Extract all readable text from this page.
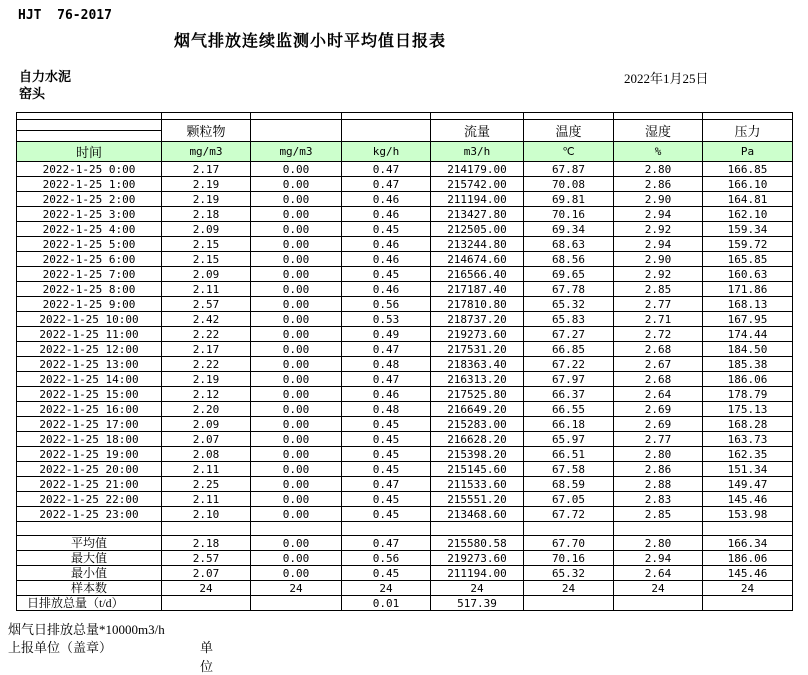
HJT  76-2017
烟气排放连续监测小时平均值日报表
自力水泥
窑头
2022年1月25日

	颗粒物			流量	温度	湿度	压力

时间	mg/m3	mg/m3	kg/h	m3/h	℃	%	Pa
2022-1-25 0:00	2.17	0.00	0.47	214179.00	67.87	2.80	166.85
2022-1-25 1:00	2.19	0.00	0.47	215742.00	70.08	2.86	166.10
2022-1-25 2:00	2.19	0.00	0.46	211194.00	69.81	2.90	164.81
2022-1-25 3:00	2.18	0.00	0.46	213427.80	70.16	2.94	162.10
2022-1-25 4:00	2.09	0.00	0.45	212505.00	69.34	2.92	159.34
2022-1-25 5:00	2.15	0.00	0.46	213244.80	68.63	2.94	159.72
2022-1-25 6:00	2.15	0.00	0.46	214674.60	68.56	2.90	165.85
2022-1-25 7:00	2.09	0.00	0.45	216566.40	69.65	2.92	160.63
2022-1-25 8:00	2.11	0.00	0.46	217187.40	67.78	2.85	171.86
2022-1-25 9:00	2.57	0.00	0.56	217810.80	65.32	2.77	168.13
2022-1-25 10:00	2.42	0.00	0.53	218737.20	65.83	2.71	167.95
2022-1-25 11:00	2.22	0.00	0.49	219273.60	67.27	2.72	174.44
2022-1-25 12:00	2.17	0.00	0.47	217531.20	66.85	2.68	184.50
2022-1-25 13:00	2.22	0.00	0.48	218363.40	67.22	2.67	185.38
2022-1-25 14:00	2.19	0.00	0.47	216313.20	67.97	2.68	186.06
2022-1-25 15:00	2.12	0.00	0.46	217525.80	66.37	2.64	178.79
2022-1-25 16:00	2.20	0.00	0.48	216649.20	66.55	2.69	175.13
2022-1-25 17:00	2.09	0.00	0.45	215283.00	66.18	2.69	168.28
2022-1-25 18:00	2.07	0.00	0.45	216628.20	65.97	2.77	163.73
2022-1-25 19:00	2.08	0.00	0.45	215398.20	66.51	2.80	162.35
2022-1-25 20:00	2.11	0.00	0.45	215145.60	67.58	2.86	151.34
2022-1-25 21:00	2.25	0.00	0.47	211533.60	68.59	2.88	149.47
2022-1-25 22:00	2.11	0.00	0.45	215551.20	67.05	2.83	145.46
2022-1-25 23:00	2.10	0.00	0.45	213468.60	67.72	2.85	153.98

平均值	2.18	0.00	0.47	215580.58	67.70	2.80	166.34
最大值	2.57	0.00	0.56	219273.60	70.16	2.94	186.06
最小值	2.07	0.00	0.45	211194.00	65.32	2.64	145.46
样本数	24	24	24	24	24	24	24
日排放总量（t/d）			0.01	517.39			
烟气日排放总量*10000m3/h
上报单位（盖章）	单位
